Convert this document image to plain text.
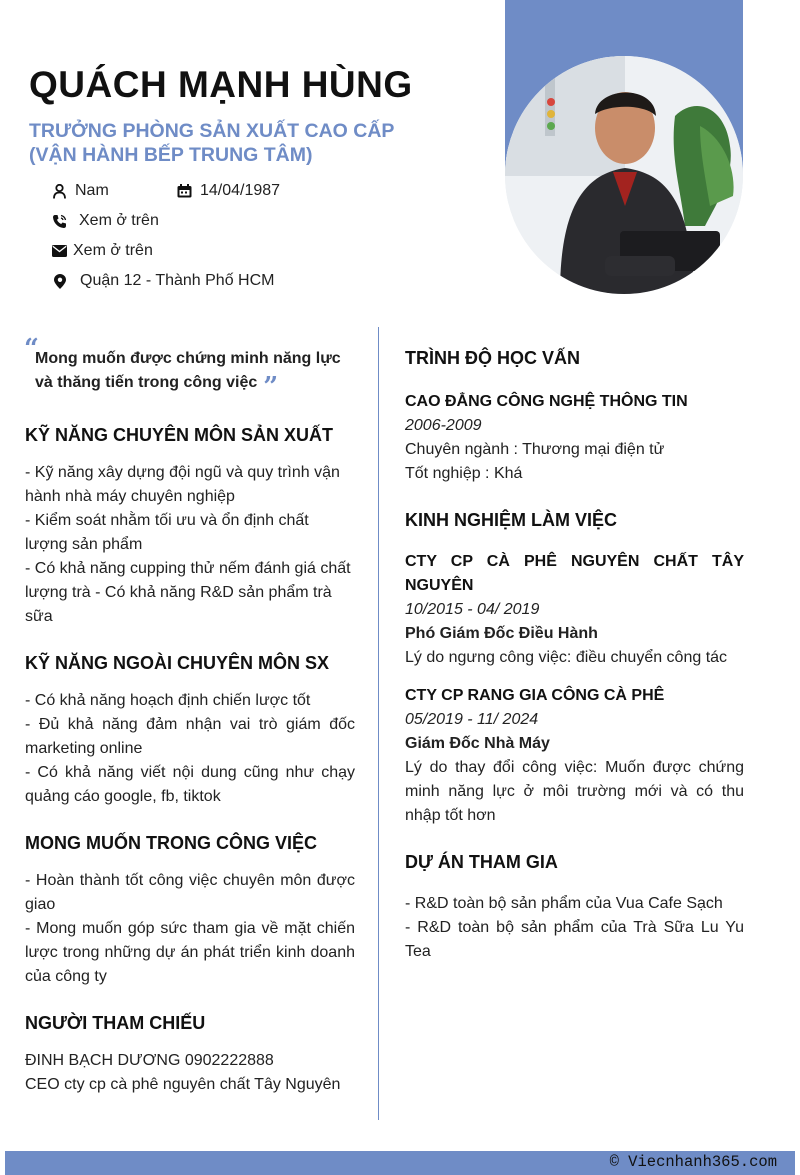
QUÁCH MẠNH HÙNG
TRƯỞNG PHÒNG SẢN XUẤT CAO CẤP
(VẬN HÀNH BẾP TRUNG TÂM)
Nam	14/04/1987
Xem ở trên
Xem ở trên
Quận 12 - Thành Phố HCM
“
Mong muốn được chứng minh năng lực và thăng tiến trong công việc ”
KỸ NĂNG CHUYÊN MÔN SẢN XUẤT
- Kỹ năng xây dựng đội ngũ và quy trình vận hành nhà máy chuyên nghiệp
- Kiểm soát nhằm tối ưu và ổn định chất lượng sản phẩm
- Có khả năng cupping thử nếm đánh giá chất lượng trà - Có khả năng R&D sản phẩm trà sữa
KỸ NĂNG NGOÀI CHUYÊN MÔN SX
- Có khả năng hoạch định chiến lược tốt
- Đủ khả năng đảm nhận vai trò giám đốc marketing online
- Có khả năng viết nội dung cũng như chạy quảng cáo google, fb, tiktok
MONG MUỐN TRONG CÔNG VIỆC
- Hoàn thành tốt công việc chuyên môn được giao
- Mong muốn góp sức tham gia về mặt chiến lược trong những dự án phát triển kinh doanh của công ty
NGƯỜI THAM CHIẾU
ĐINH BẠCH DƯƠNG 0902222888
CEO cty cp cà phê nguyên chất Tây Nguyên
TRÌNH ĐỘ HỌC VẤN
CAO ĐẲNG CÔNG NGHỆ THÔNG TIN
2006-2009
Chuyên ngành : Thương mại điện tử
Tốt nghiệp : Khá
KINH NGHIỆM LÀM VIỆC
CTY CP CÀ PHÊ NGUYÊN CHẤT TÂY NGUYÊN
10/2015 - 04/ 2019
Phó Giám Đốc Điều Hành
Lý do ngưng công việc: điều chuyển công tác
CTY CP RANG GIA CÔNG CÀ PHÊ
05/2019 - 11/ 2024
Giám Đốc Nhà Máy
Lý do thay đổi công việc: Muốn được chứng minh năng lực ở môi trường mới và có thu nhập tốt hơn
DỰ ÁN THAM GIA
- R&D toàn bộ sản phẩm của Vua Cafe Sạch
- R&D toàn bộ sản phẩm của Trà Sữa Lu Yu Tea
© Viecnhanh365.com
